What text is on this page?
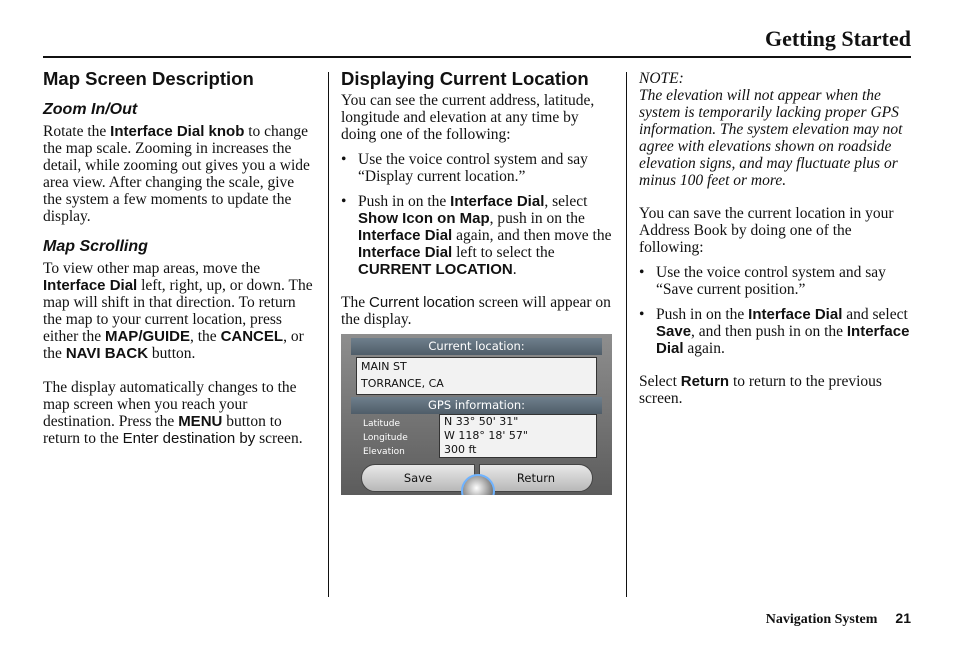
Getting Started
Map Screen Description
Zoom In/Out

Rotate the Interface Dial knob to change the map scale. Zooming in increases the detail, while zooming out gives you a wide area view. After changing the scale, give the system a few moments to update the display.

Map Scrolling

To view other map areas, move the Interface Dial left, right, up, or down. The map will shift in that direction. To return the map to your current location, press either the MAP/GUIDE, the CANCEL, or the NAVI BACK button.

The display automatically changes to the map screen when you reach your destination. Press the MENU button to return to the Enter destination by screen.

Displaying Current Location

You can see the current address, latitude, longitude and elevation at any time by doing one of the following:

• Use the voice control system and say “Display current location.”
• Push in on the Interface Dial, select Show Icon on Map, push in on the Interface Dial again, and then move the Interface Dial left to select the CURRENT LOCATION.

The Current location screen will appear on the display.

Current location:
MAIN ST
TORRANCE, CA
GPS information:
Latitude
Longitude
Elevation
N 33° 50' 31"
W 118° 18' 57"
300 ft
Save	Return

NOTE:

The elevation will not appear when the system is temporarily lacking proper GPS information. The system elevation may not agree with elevations shown on roadside elevation signs, and may fluctuate plus or minus 100 feet or more.

You can save the current location in your Address Book by doing one of the following:

• Use the voice control system and say “Save current position.”
• Push in on the Interface Dial and select Save, and then push in on the Interface Dial again.

Select Return to return to the previous screen.

Navigation System 21
